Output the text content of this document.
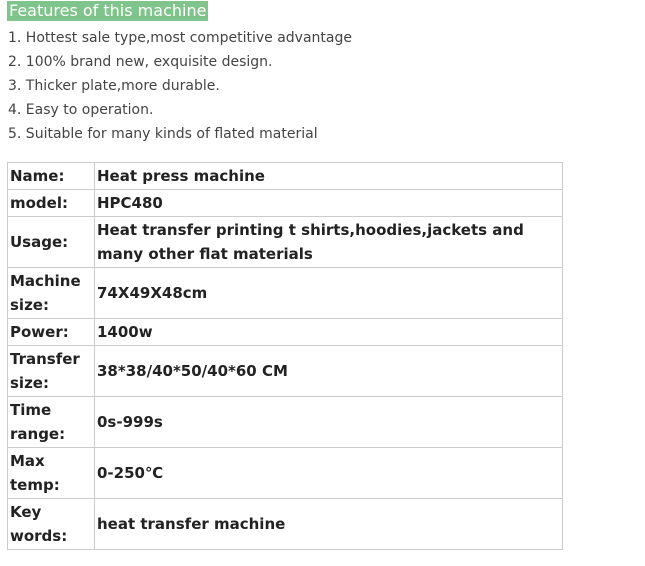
Features of this machine
1. Hottest sale type,most competitive advantage
2. 100% brand new, exquisite design.
3. Thicker plate,more durable.
4. Easy to operation.
5. Suitable for many kinds of flated material
Name:	Heat press machine
model:	HPC480
Usage:	Heat transfer printing t shirts,hoodies,jackets and many other flat materials
Machine size:	74X49X48cm
Power:	1400w
Transfer size:	38*38/40*50/40*60 CM
Time range:	0s-999s
Max temp:	0-250℃
Key words:	heat transfer machine
